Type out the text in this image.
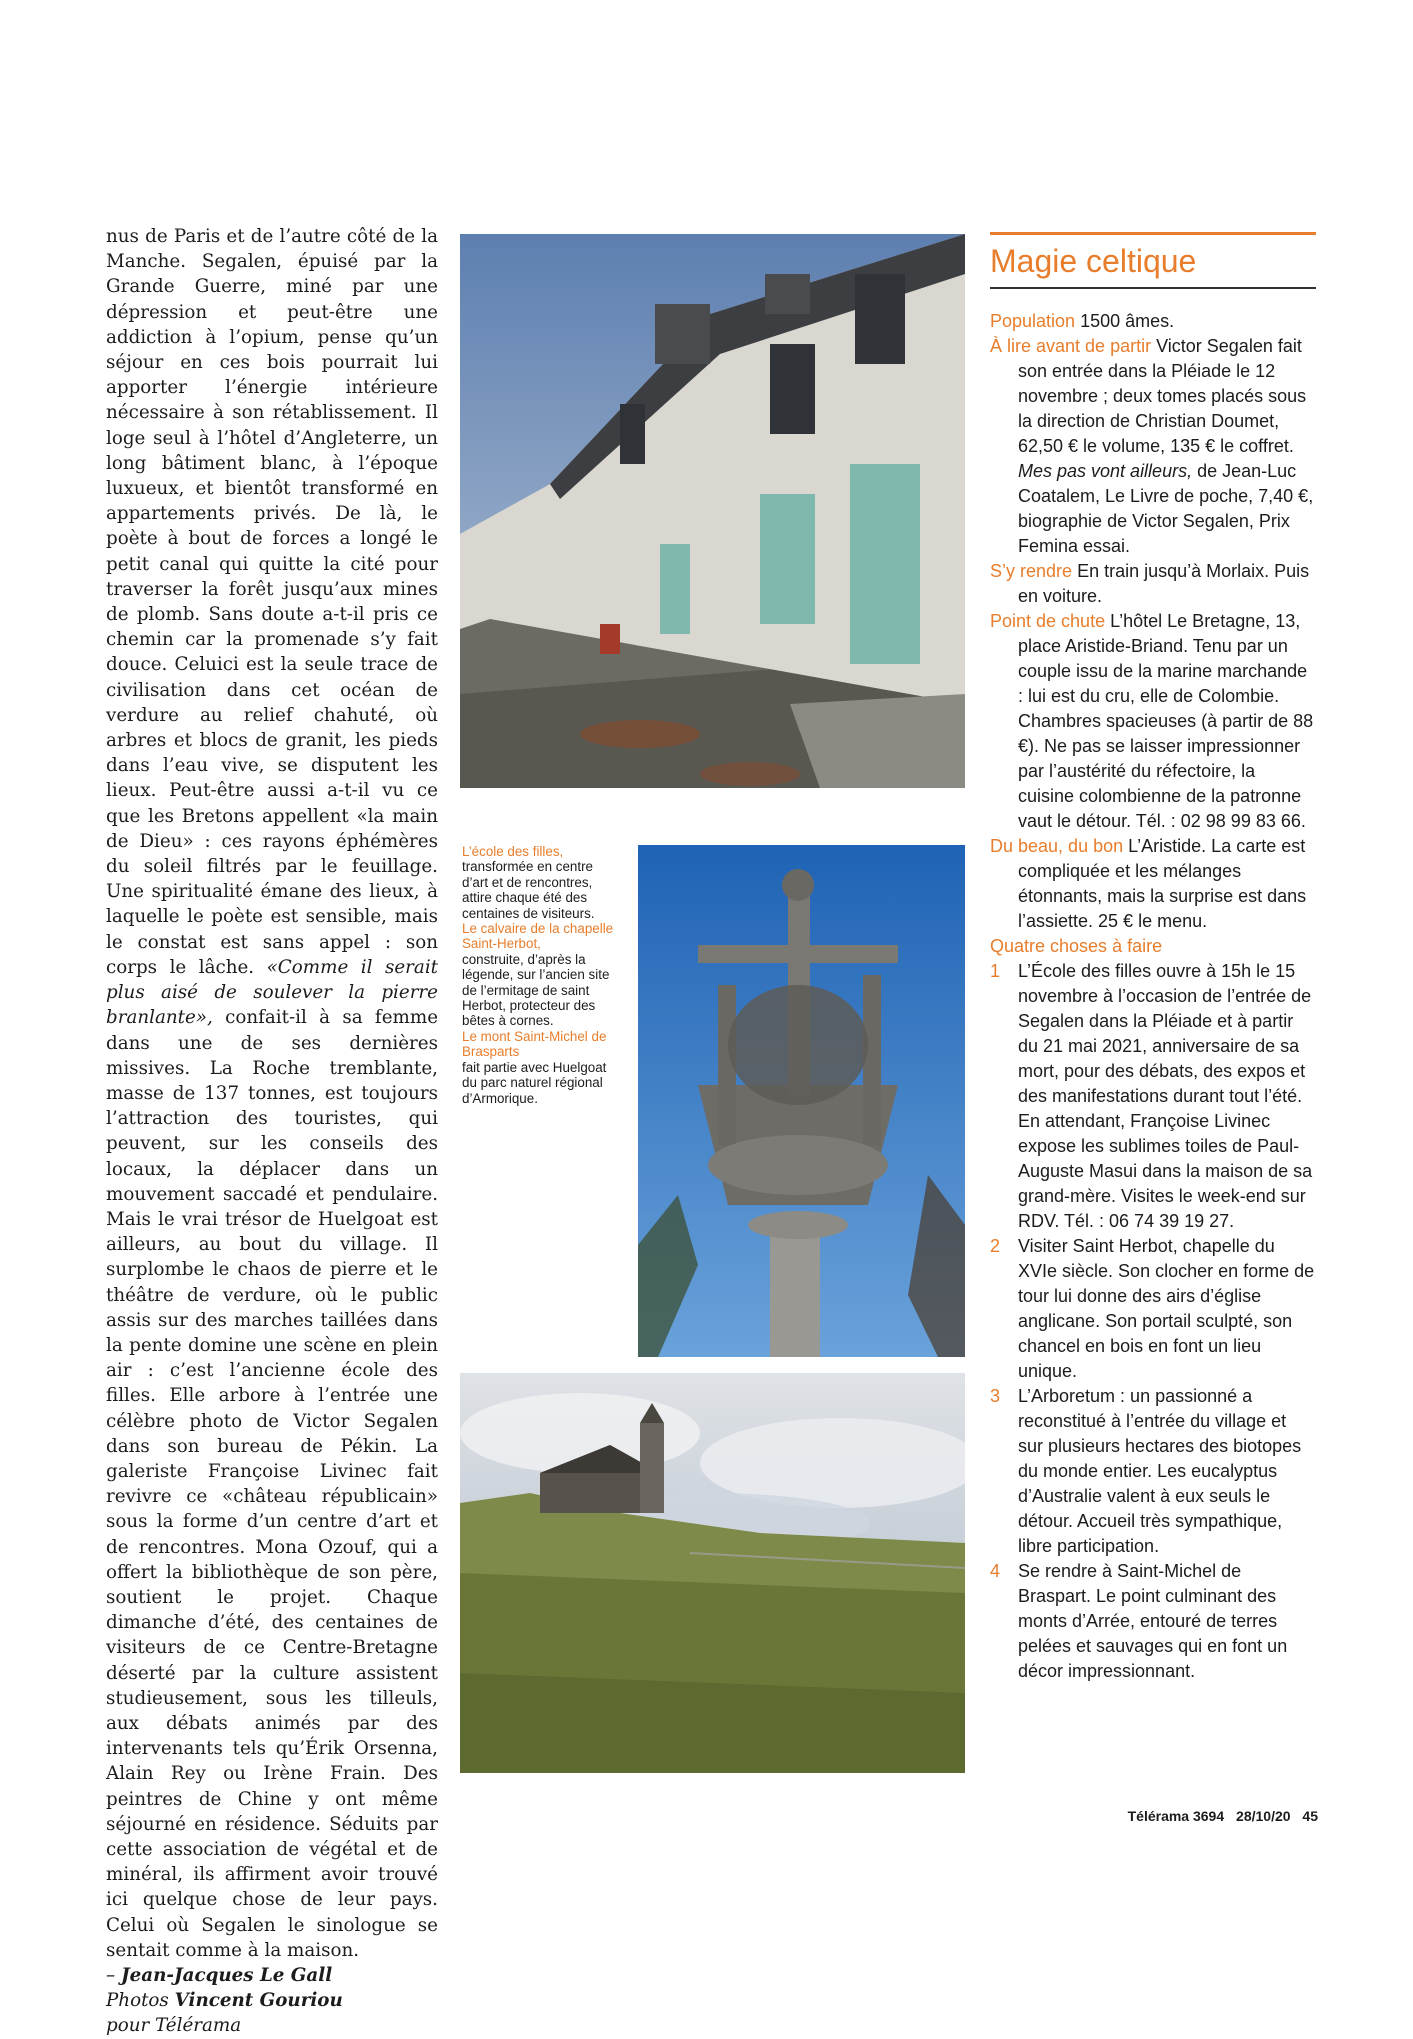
nus de Paris et de l’autre côté de la Manche. Segalen, épuisé par la Grande Guerre, miné par une dépression et peut-être une addiction à l’opium, pense qu’un séjour en ces bois pourrait lui apporter l’énergie intérieure nécessaire à son rétablissement. Il loge seul à l’hôtel d’Angleterre, un long bâtiment blanc, à l’époque luxueux, et bientôt transformé en appartements privés. De là, le poète à bout de forces a longé le petit canal qui quitte la cité pour traverser la forêt jusqu’aux mines de plomb. Sans doute a-t-il pris ce chemin car la promenade s’y fait douce. Celuici est la seule trace de civilisation dans cet océan de verdure au relief chahuté, où arbres et blocs de granit, les pieds dans l’eau vive, se disputent les lieux. Peut-être aussi a-t-il vu ce que les Bretons appellent «la main de Dieu» : ces rayons éphémères du soleil filtrés par le feuillage. Une spiritualité émane des lieux, à laquelle le poète est sensible, mais le constat est sans appel : son corps le lâche. «Comme il serait plus aisé de soulever la pierre branlante», confait-il à sa femme dans une de ses dernières missives. La Roche tremblante, masse de 137 tonnes, est toujours l’attraction des touristes, qui peuvent, sur les conseils des locaux, la déplacer dans un mouvement saccadé et pendulaire. Mais le vrai trésor de Huelgoat est ailleurs, au bout du village. Il surplombe le chaos de pierre et le théâtre de verdure, où le public assis sur des marches taillées dans la pente domine une scène en plein air : c’est l’ancienne école des filles. Elle arbore à l’entrée une célèbre photo de Victor Segalen dans son bureau de Pékin. La galeriste Françoise Livinec fait revivre ce «château républicain» sous la forme d’un centre d’art et de rencontres. Mona Ozouf, qui a offert la bibliothèque de son père, soutient le projet. Chaque dimanche d’été, des centaines de visiteurs de ce Centre-Bretagne déserté par la culture assistent studieusement, sous les tilleuls, aux débats animés par des intervenants tels qu’Érik Orsenna, Alain Rey ou Irène Frain. Des peintres de Chine y ont même séjourné en résidence. Séduits par cette association de végétal et de minéral, ils affirment avoir trouvé ici quelque chose de leur pays. Celui où Segalen le sinologue se sentait comme à la maison.

– Jean-Jacques Le Gall

Photos Vincent Gouriou

pour Télérama

L’école des filles,
transformée en centre d’art et de rencontres, attire chaque été des centaines de visiteurs.

Le calvaire de la chapelle Saint-Herbot,
construite, d’après la légende, sur l’ancien site de l’ermitage de saint Herbot, protecteur des bêtes à cornes.

Le mont Saint-Michel de Brasparts
fait partie avec Huelgoat du parc naturel régional d’Armorique.

Magie celtique
Population 1500 âmes.
À lire avant de partir Victor Segalen fait son entrée dans la Pléiade le 12 novembre ; deux tomes placés sous la direction de Christian Doumet, 62,50 € le volume, 135 € le coffret.
Mes pas vont ailleurs, de Jean-Luc Coatalem, Le Livre de poche, 7,40 €, biographie de Victor Segalen, Prix Femina essai.
S’y rendre En train jusqu’à Morlaix. Puis en voiture.
Point de chute L’hôtel Le Bretagne, 13, place Aristide-Briand. Tenu par un couple issu de la marine marchande : lui est du cru, elle de Colombie. Chambres spacieuses (à partir de 88 €). Ne pas se laisser impressionner par l’austérité du réfectoire, la cuisine colombienne de la patronne vaut le détour. Tél. : 02 98 99 83 66.
Du beau, du bon L’Aristide. La carte est compliquée et les mélanges étonnants, mais la surprise est dans l’assiette. 25 € le menu.
Quatre choses à faire
1 L’École des filles ouvre à 15h le 15 novembre à l’occasion de l’entrée de Segalen dans la Pléiade et à partir du 21 mai 2021, anniversaire de sa mort, pour des débats, des expos et des manifestations durant tout l’été. En attendant, Françoise Livinec expose les sublimes toiles de Paul-Auguste Masui dans la maison de sa grand-mère. Visites le week-end sur RDV. Tél. : 06 74 39 19 27.
2 Visiter Saint Herbot, chapelle du XVIe siècle. Son clocher en forme de tour lui donne des airs d’église anglicane. Son portail sculpté, son chancel en bois en font un lieu unique.
3 L’Arboretum : un passionné a reconstitué à l’entrée du village et sur plusieurs hectares des biotopes du monde entier. Les eucalyptus d’Australie valent à eux seuls le détour. Accueil très sympathique, libre participation.
4 Se rendre à Saint-Michel de Braspart. Le point culminant des monts d’Arrée, entouré de terres pelées et sauvages qui en font un décor impressionnant.
Télérama 3694 28/10/20 45
